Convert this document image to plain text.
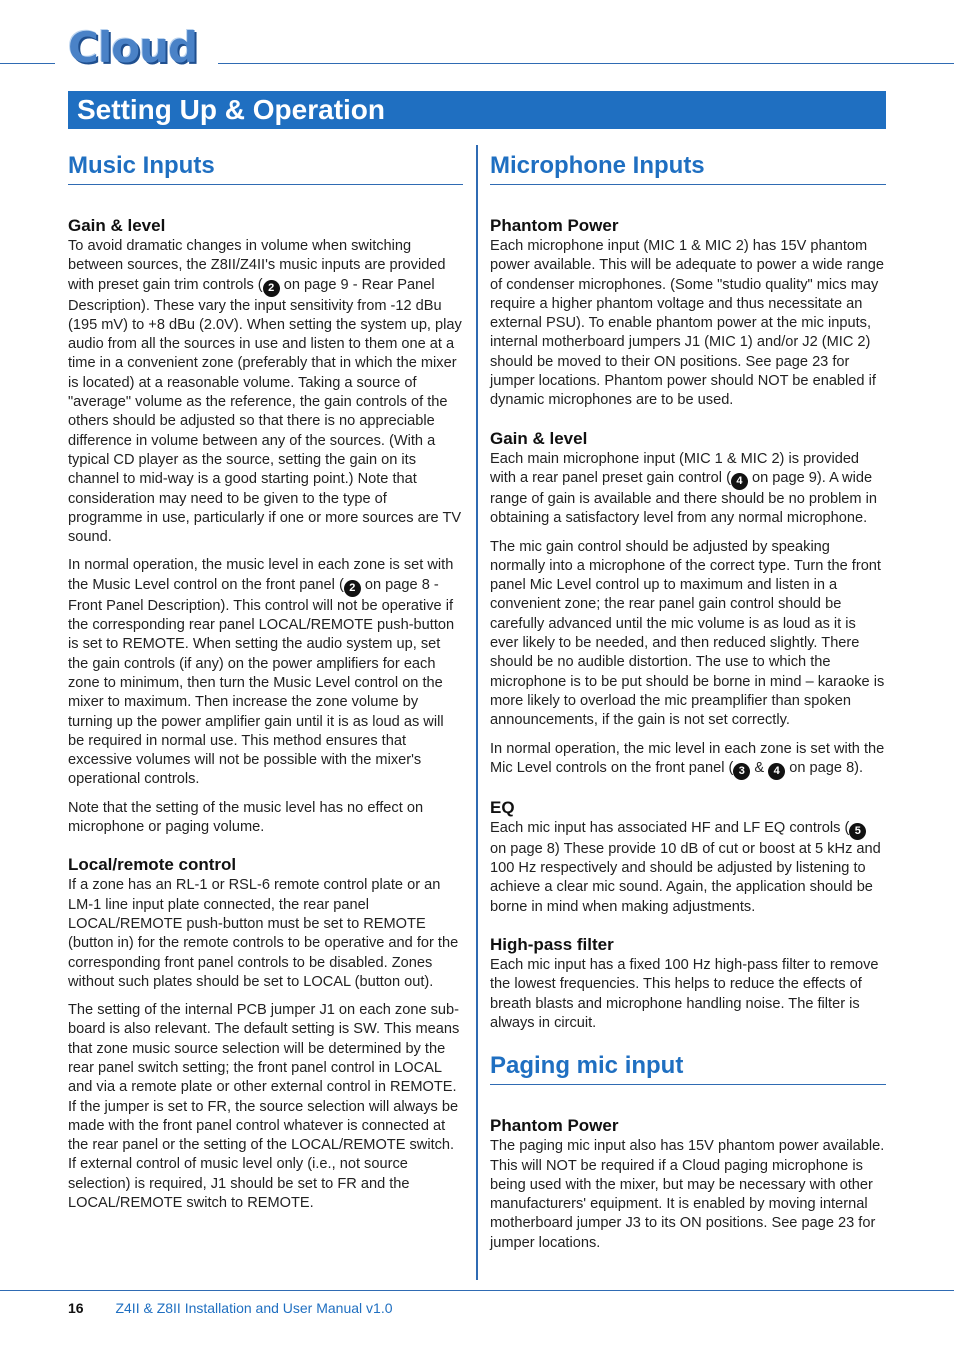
Cloud
Setting Up & Operation
Music Inputs
Gain & level

To avoid dramatic changes in volume when switching between sources, the Z8II/Z4II's music inputs are provided with preset gain trim controls ( 2 on page 9 - Rear Panel Description). These vary the input sensitivity from -12 dBu (195 mV) to +8 dBu (2.0V). When setting the system up, play audio from all the sources in use and listen to them one at a time in a convenient zone (preferably that in which the mixer is located) at a reasonable volume. Taking a source of "average" volume as the reference, the gain controls of the others should be adjusted so that there is no appreciable difference in volume between any of the sources. (With a typical CD player as the source, setting the gain on its channel to mid-way is a good starting point.) Note that consideration may need to be given to the type of programme in use, particularly if one or more sources are TV sound.

In normal operation, the music level in each zone is set with the Music Level control on the front panel ( 2 on page 8 - Front Panel Description). This control will not be operative if the corresponding rear panel LOCAL/REMOTE push-button is set to REMOTE. When setting the audio system up, set the gain controls (if any) on the power amplifiers for each zone to minimum, then turn the Music Level control on the mixer to maximum. Then increase the zone volume by turning up the power amplifier gain until it is as loud as will be required in normal use. This method ensures that excessive volumes will not be possible with the mixer's operational controls.

Note that the setting of the music level has no effect on microphone or paging volume.

Local/remote control

If a zone has an RL-1 or RSL-6 remote control plate or an LM-1 line input plate connected, the rear panel LOCAL/REMOTE push-button must be set to REMOTE (button in) for the remote controls to be operative and for the corresponding front panel controls to be disabled. Zones without such plates should be set to LOCAL (button out).

The setting of the internal PCB jumper J1 on each zone sub-board is also relevant. The default setting is SW. This means that zone music source selection will be determined by the rear panel switch setting; the front panel control in LOCAL and via a remote plate or other external control in REMOTE. If the jumper is set to FR, the source selection will always be made with the front panel control whatever is connected at the rear panel or the setting of the LOCAL/REMOTE switch. If external control of music level only (i.e., not source selection) is required, J1 should be set to FR and the LOCAL/REMOTE switch to REMOTE.

Microphone Inputs
Phantom Power

Each microphone input (MIC 1 & MIC 2) has 15V phantom power available. This will be adequate to power a wide range of condenser microphones. (Some "studio quality" mics may require a higher phantom voltage and thus necessitate an external PSU). To enable phantom power at the mic inputs, internal motherboard jumpers J1 (MIC 1) and/or J2 (MIC 2) should be moved to their ON positions. See page 23 for jumper locations. Phantom power should NOT be enabled if dynamic microphones are to be used.

Gain & level

Each main microphone input (MIC 1 & MIC 2) is provided with a rear panel preset gain control ( 4 on page 9). A wide range of gain is available and there should be no problem in obtaining a satisfactory level from any normal microphone.

The mic gain control should be adjusted by speaking normally into a microphone of the correct type. Turn the front panel Mic Level control up to maximum and listen in a convenient zone; the rear panel gain control should be carefully advanced until the mic volume is as loud as it is ever likely to be needed, and then reduced slightly. There should be no audible distortion. The use to which the microphone is to be put should be borne in mind – karaoke is more likely to overload the mic preamplifier than spoken announcements, if the gain is not set correctly.

In normal operation, the mic level in each zone is set with the Mic Level controls on the front panel ( 3 & 4 on page 8).

EQ

Each mic input has associated HF and LF EQ controls ( 5 on page 8) These provide 10 dB of cut or boost at 5 kHz and 100 Hz respectively and should be adjusted by listening to achieve a clear mic sound. Again, the application should be borne in mind when making adjustments.

High-pass filter

Each mic input has a fixed 100 Hz high-pass filter to remove the lowest frequencies. This helps to reduce the effects of breath blasts and microphone handling noise. The filter is always in circuit.

Paging mic input
Phantom Power

The paging mic input also has 15V phantom power available. This will NOT be required if a Cloud paging microphone is being used with the mixer, but may be necessary with other manufacturers' equipment. It is enabled by moving internal motherboard jumper J3 to its ON positions. See page 23 for jumper locations.

16 Z4II & Z8II Installation and User Manual v1.0
